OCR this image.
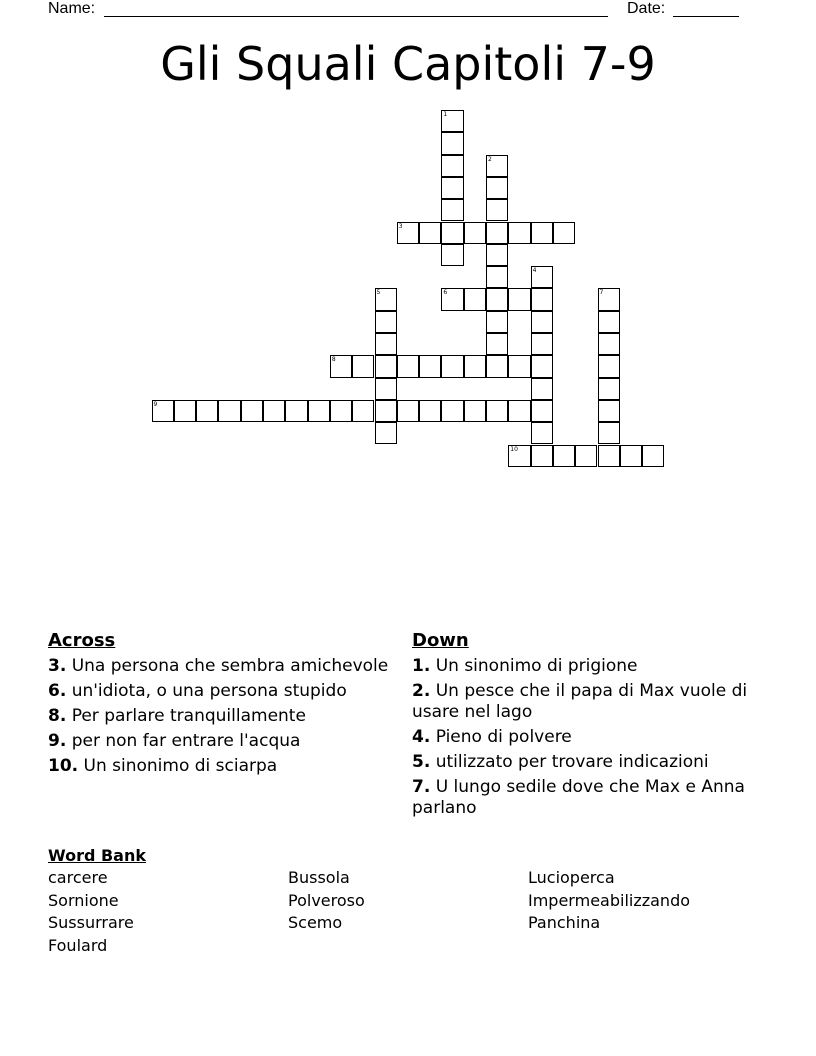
Name:	Date:
Gli Squali Capitoli 7-9
3
6
8
9
10
1
2
4
5	7
Across
3. Una persona che sembra amichevole
6. un'idiota, o una persona stupido
8. Per parlare tranquillamente
9. per non far entrare l'acqua
10. Un sinonimo di sciarpa
Down
1. Un sinonimo di prigione
2. Un pesce che il papa di Max vuole di usare nel lago
4. Pieno di polvere
5. utilizzato per trovare indicazioni
7. U lungo sedile dove che Max e Anna parlano
Word Bank
carcere
Sornione
Sussurrare
Foulard
Bussola
Polveroso
Scemo
Lucioperca
Impermeabilizzando
Panchina
